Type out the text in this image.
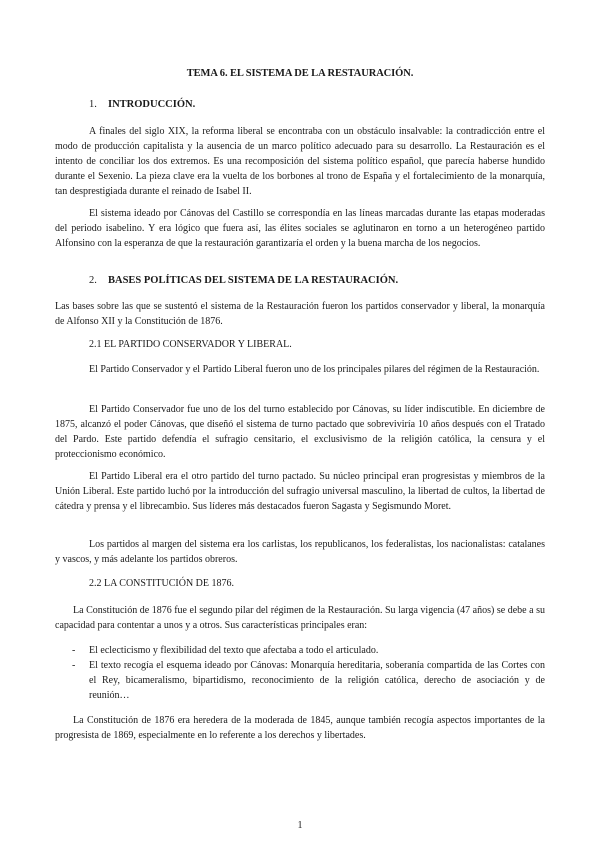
TEMA 6. EL SISTEMA DE LA RESTAURACIÓN.
1. INTRODUCCIÓN.
A finales del siglo XIX, la reforma liberal se encontraba con un obstáculo insalvable: la contradicción entre el modo de producción capitalista y la ausencia de un marco político adecuado para su desarrollo. La Restauración es el intento de conciliar los dos extremos. Es una recomposición del sistema político español, que parecía haberse hundido durante el Sexenio. La pieza clave era la vuelta de los borbones al trono de España y el fortalecimiento de la monarquía, tan desprestigiada durante el reinado de Isabel II.
El sistema ideado por Cánovas del Castillo se correspondía en las líneas marcadas durante las etapas moderadas del periodo isabelino. Y era lógico que fuera así, las élites sociales se aglutinaron en torno a un heterogéneo partido Alfonsino con la esperanza de que la restauración garantizaría el orden y la buena marcha de los negocios.
2. BASES POLÍTICAS DEL SISTEMA DE LA RESTAURACIÓN.
Las bases sobre las que se sustentó el sistema de la Restauración fueron los partidos conservador y liberal, la monarquía de Alfonso XII y la Constitución de 1876.
2.1 EL PARTIDO CONSERVADOR Y LIBERAL.
El Partido Conservador y el Partido Liberal fueron uno de los principales pilares del régimen de la Restauración.
El Partido Conservador fue uno de los del turno establecido por Cánovas, su líder indiscutible. En diciembre de 1875, alcanzó el poder Cánovas, que diseñó el sistema de turno pactado que sobreviviría 10 años después con el Tratado del Pardo. Este partido defendía el sufragio censitario, el exclusivismo de la religión católica, la censura y el proteccionismo económico.
El Partido Liberal era el otro partido del turno pactado. Su núcleo principal eran progresistas y miembros de la Unión Liberal. Este partido luchó por la introducción del sufragio universal masculino, la libertad de cultos, la libertad de cátedra y prensa y el librecambio. Sus líderes más destacados fueron Sagasta y Segismundo Moret.
Los partidos al margen del sistema era los carlistas, los republicanos, los federalistas, los nacionalistas: catalanes y vascos, y más adelante los partidos obreros.
2.2 LA CONSTITUCIÓN DE 1876.
La Constitución de 1876 fue el segundo pilar del régimen de la Restauración. Su larga vigencia (47 años) se debe a su capacidad para contentar a unos y a otros. Sus características principales eran:
- El eclecticismo y flexibilidad del texto que afectaba a todo el articulado.
- El texto recogía el esquema ideado por Cánovas: Monarquía hereditaria, soberanía compartida de las Cortes con el Rey, bicameralismo, bipartidismo, reconocimiento de la religión católica, derecho de asociación y de reunión…
La Constitución de 1876 era heredera de la moderada de 1845, aunque también recogía aspectos importantes de la progresista de 1869, especialmente en lo referente a los derechos y libertades.
1
